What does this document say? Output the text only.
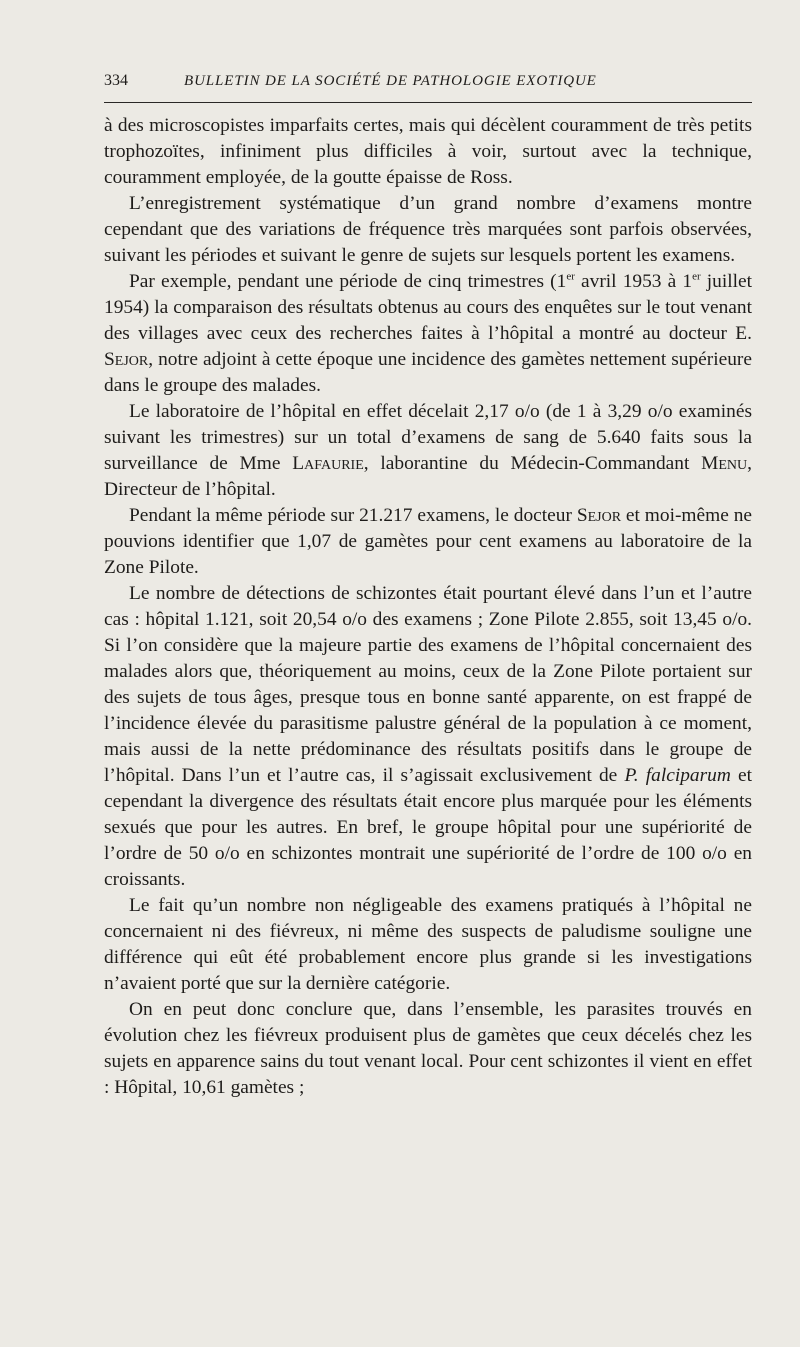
334	BULLETIN DE LA SOCIÉTÉ DE PATHOLOGIE EXOTIQUE

à des microscopistes imparfaits certes, mais qui décèlent couramment de très petits trophozoïtes, infiniment plus difficiles à voir, surtout avec la technique, couramment employée, de la goutte épaisse de Ross.

L’enregistrement systématique d’un grand nombre d’examens montre cependant que des variations de fréquence très marquées sont parfois observées, suivant les périodes et suivant le genre de sujets sur lesquels portent les examens.

Par exemple, pendant une période de cinq trimestres (1er avril 1953 à 1er juillet 1954) la comparaison des résultats obtenus au cours des enquêtes sur le tout venant des villages avec ceux des recherches faites à l’hôpital a montré au docteur E. Sejor, notre adjoint à cette époque une incidence des gamètes nettement supérieure dans le groupe des malades.

Le laboratoire de l’hôpital en effet décelait 2,17 o/o (de 1 à 3,29 o/o examinés suivant les trimestres) sur un total d’examens de sang de 5.640 faits sous la surveillance de Mme Lafaurie, laborantine du Médecin-Commandant Menu, Directeur de l’hôpital.

Pendant la même période sur 21.217 examens, le docteur Sejor et moi-même ne pouvions identifier que 1,07 de gamètes pour cent examens au laboratoire de la Zone Pilote.

Le nombre de détections de schizontes était pourtant élevé dans l’un et l’autre cas : hôpital 1.121, soit 20,54 o/o des examens ; Zone Pilote 2.855, soit 13,45 o/o. Si l’on considère que la majeure partie des examens de l’hôpital concernaient des malades alors que, théoriquement au moins, ceux de la Zone Pilote portaient sur des sujets de tous âges, presque tous en bonne santé apparente, on est frappé de l’incidence élevée du parasitisme palustre général de la population à ce moment, mais aussi de la nette prédominance des résultats positifs dans le groupe de l’hôpital. Dans l’un et l’autre cas, il s’agissait exclusivement de P. falciparum et cependant la divergence des résultats était encore plus marquée pour les éléments sexués que pour les autres. En bref, le groupe hôpital pour une supériorité de l’ordre de 50 o/o en schizontes montrait une supériorité de l’ordre de 100 o/o en croissants.

Le fait qu’un nombre non négligeable des examens pratiqués à l’hôpital ne concernaient ni des fiévreux, ni même des suspects de paludisme souligne une différence qui eût été probablement encore plus grande si les investigations n’avaient porté que sur la dernière catégorie.

On en peut donc conclure que, dans l’ensemble, les parasites trouvés en évolution chez les fiévreux produisent plus de gamètes que ceux décelés chez les sujets en apparence sains du tout venant local. Pour cent schizontes il vient en effet : Hôpital, 10,61 gamètes ;
